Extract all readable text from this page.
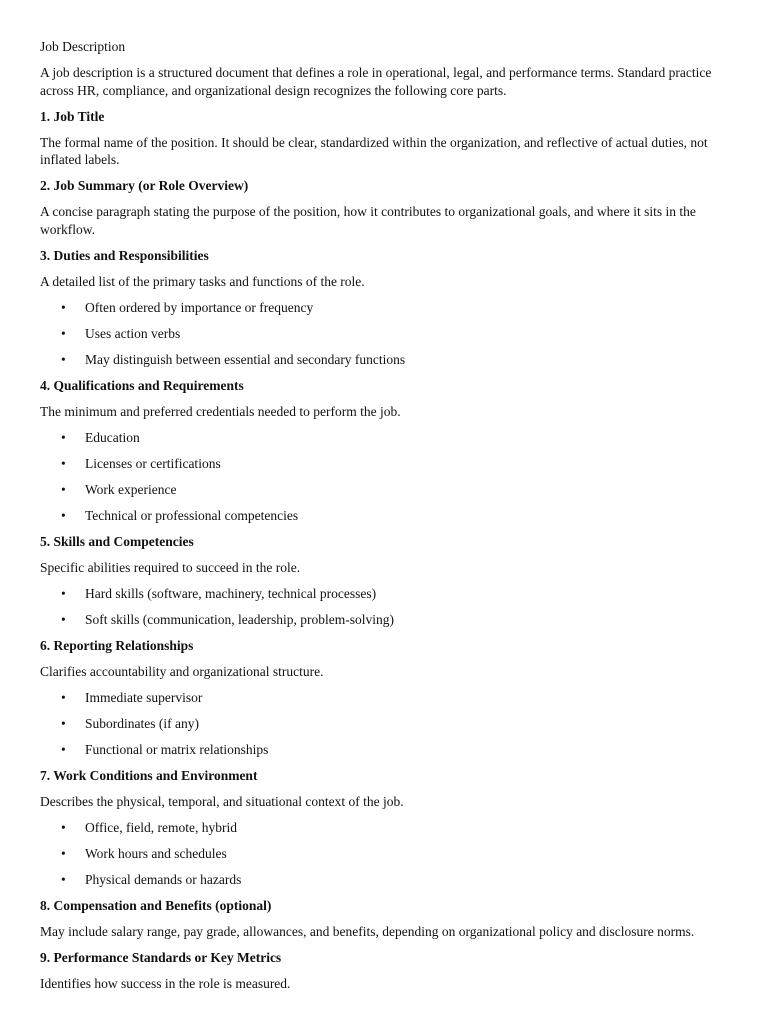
Job Description

A job description is a structured document that defines a role in operational, legal, and performance terms. Standard practice across HR, compliance, and organizational design recognizes the following core parts.

1. Job Title

The formal name of the position. It should be clear, standardized within the organization, and reflective of actual duties, not inflated labels.

2. Job Summary (or Role Overview)

A concise paragraph stating the purpose of the position, how it contributes to organizational goals, and where it sits in the workflow.

3. Duties and Responsibilities

A detailed list of the primary tasks and functions of the role.

• Often ordered by importance or frequency
• Uses action verbs
• May distinguish between essential and secondary functions
4. Qualifications and Requirements

The minimum and preferred credentials needed to perform the job.

• Education
• Licenses or certifications
• Work experience
• Technical or professional competencies
5. Skills and Competencies

Specific abilities required to succeed in the role.

• Hard skills (software, machinery, technical processes)
• Soft skills (communication, leadership, problem-solving)
6. Reporting Relationships

Clarifies accountability and organizational structure.

• Immediate supervisor
• Subordinates (if any)
• Functional or matrix relationships
7. Work Conditions and Environment

Describes the physical, temporal, and situational context of the job.

• Office, field, remote, hybrid
• Work hours and schedules
• Physical demands or hazards
8. Compensation and Benefits (optional)

May include salary range, pay grade, allowances, and benefits, depending on organizational policy and disclosure norms.

9. Performance Standards or Key Metrics

Identifies how success in the role is measured.
